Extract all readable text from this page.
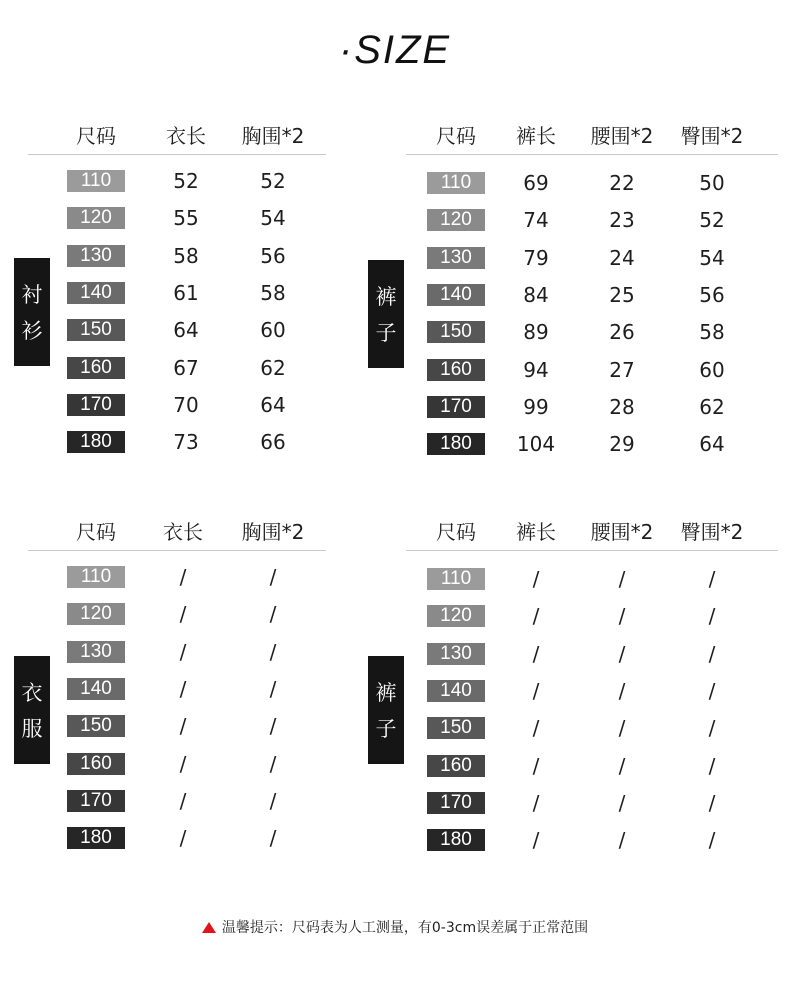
·SIZE
尺码	衣长 胸围*2
110	52	52
120	55	54
130	58	56
140	61	58
150	64	60
160	67	62
170	70	64
180	73	66
衬
衫
尺码 裤长 腰围*2 臀围*2
110	69	22	50
120	74	23	52
130	79	24	54
140	84	25	56
150	89	26	58
160	94	27	60
170	99	28	62
180	104	29	64
裤
子
尺码 衣长 胸围*2
110	/	/
120	/	/
130	/	/
140	/	/
150	/	/
160	/	/
170	/	/
180	/	/
衣
服
尺码 裤长 腰围*2 臀围*2
110	/	/	/
120	/	/	/
130	/	/	/
140	/	/	/
150	/	/	/
160	/	/	/
170	/	/	/
180	/	/	/
裤
子
温馨提示：尺码表为人工测量，有0-3cm误差属于正常范围
